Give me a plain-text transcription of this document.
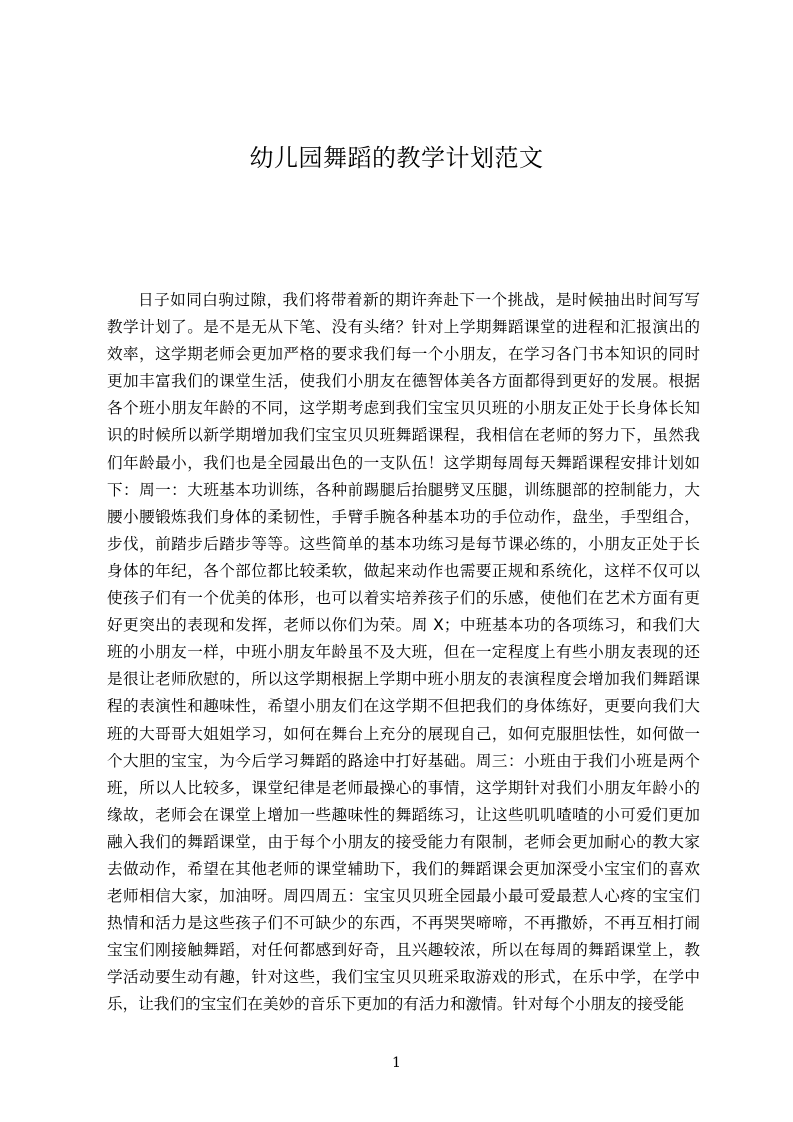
幼儿园舞蹈的教学计划范文
日子如同白驹过隙，我们将带着新的期许奔赴下一个挑战，是时候抽出时间写写
教学计划了。是不是无从下笔、没有头绪？针对上学期舞蹈课堂的进程和汇报演出的
效率，这学期老师会更加严格的要求我们每一个小朋友，在学习各门书本知识的同时
更加丰富我们的课堂生活，使我们小朋友在德智体美各方面都得到更好的发展。根据
各个班小朋友年龄的不同，这学期考虑到我们宝宝贝贝班的小朋友正处于长身体长知
识的时候所以新学期增加我们宝宝贝贝班舞蹈课程，我相信在老师的努力下，虽然我
们年龄最小，我们也是全园最出色的一支队伍！这学期每周每天舞蹈课程安排计划如
下：周一：大班基本功训练，各种前踢腿后抬腿劈叉压腿，训练腿部的控制能力，大
腰小腰锻炼我们身体的柔韧性，手臂手腕各种基本功的手位动作，盘坐，手型组合，
步伐，前踏步后踏步等等。这些简单的基本功练习是每节课必练的，小朋友正处于长
身体的年纪，各个部位都比较柔软，做起来动作也需要正规和系统化，这样不仅可以
使孩子们有一个优美的体形，也可以着实培养孩子们的乐感，使他们在艺术方面有更
好更突出的表现和发挥，老师以你们为荣。周 X；中班基本功的各项练习，和我们大
班的小朋友一样，中班小朋友年龄虽不及大班，但在一定程度上有些小朋友表现的还
是很让老师欣慰的，所以这学期根据上学期中班小朋友的表演程度会增加我们舞蹈课
程的表演性和趣味性，希望小朋友们在这学期不但把我们的身体练好，更要向我们大
班的大哥哥大姐姐学习，如何在舞台上充分的展现自己，如何克服胆怯性，如何做一
个大胆的宝宝，为今后学习舞蹈的路途中打好基础。周三：小班由于我们小班是两个
班，所以人比较多，课堂纪律是老师最操心的事情，这学期针对我们小朋友年龄小的
缘故，老师会在课堂上增加一些趣味性的舞蹈练习，让这些叽叽喳喳的小可爱们更加
融入我们的舞蹈课堂，由于每个小朋友的接受能力有限制，老师会更加耐心的教大家
去做动作，希望在其他老师的课堂辅助下，我们的舞蹈课会更加深受小宝宝们的喜欢
老师相信大家，加油呀。周四周五：宝宝贝贝班全园最小最可爱最惹人心疼的宝宝们
热情和活力是这些孩子们不可缺少的东西，不再哭哭啼啼，不再撒娇，不再互相打闹
宝宝们刚接触舞蹈，对任何都感到好奇，且兴趣较浓，所以在每周的舞蹈课堂上，教
学活动要生动有趣，针对这些，我们宝宝贝贝班采取游戏的形式，在乐中学，在学中
乐，让我们的宝宝们在美妙的音乐下更加的有活力和激情。针对每个小朋友的接受能
1
